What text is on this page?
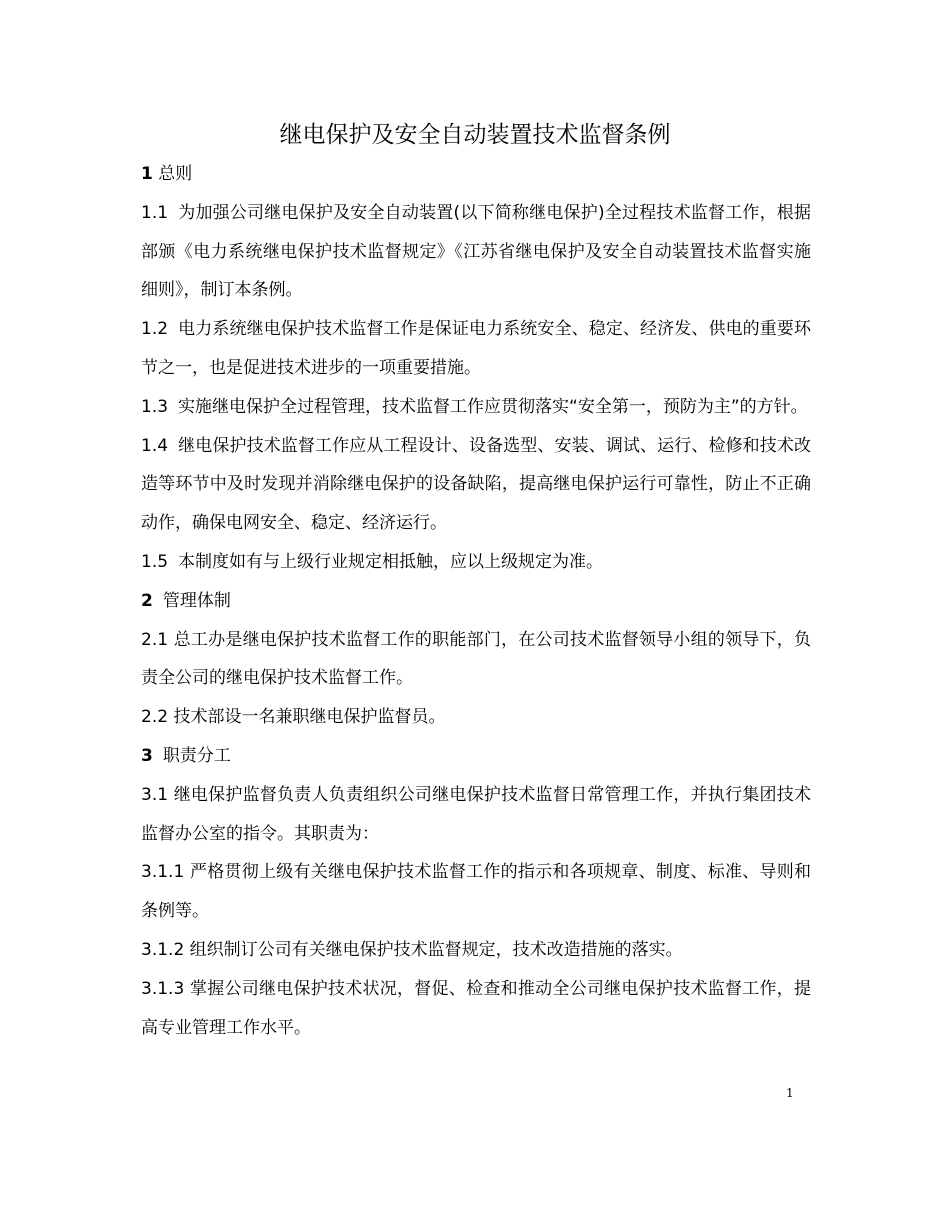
继电保护及安全自动装置技术监督条例

1 总则

1.1 为加强公司继电保护及安全自动装置(以下简称继电保护)全过程技术监督工作，根据部颁《电力系统继电保护技术监督规定》《江苏省继电保护及安全自动装置技术监督实施细则》，制订本条例。

1.2 电力系统继电保护技术监督工作是保证电力系统安全、稳定、经济发、供电的重要环节之一，也是促进技术进步的一项重要措施。

1.3 实施继电保护全过程管理，技术监督工作应贯彻落实“安全第一，预防为主”的方针。

1.4 继电保护技术监督工作应从工程设计、设备选型、安装、调试、运行、检修和技术改造等环节中及时发现并消除继电保护的设备缺陷，提高继电保护运行可靠性，防止不正确动作，确保电网安全、稳定、经济运行。

1.5 本制度如有与上级行业规定相抵触，应以上级规定为准。

2 管理体制

2.1 总工办是继电保护技术监督工作的职能部门，在公司技术监督领导小组的领导下，负责全公司的继电保护技术监督工作。

2.2 技术部设一名兼职继电保护监督员。

3 职责分工

3.1 继电保护监督负责人负责组织公司继电保护技术监督日常管理工作，并执行集团技术监督办公室的指令。其职责为：

3.1.1 严格贯彻上级有关继电保护技术监督工作的指示和各项规章、制度、标准、导则和条例等。

3.1.2 组织制订公司有关继电保护技术监督规定，技术改造措施的落实。

3.1.3 掌握公司继电保护技术状况，督促、检查和推动全公司继电保护技术监督工作，提高专业管理工作水平。

1
